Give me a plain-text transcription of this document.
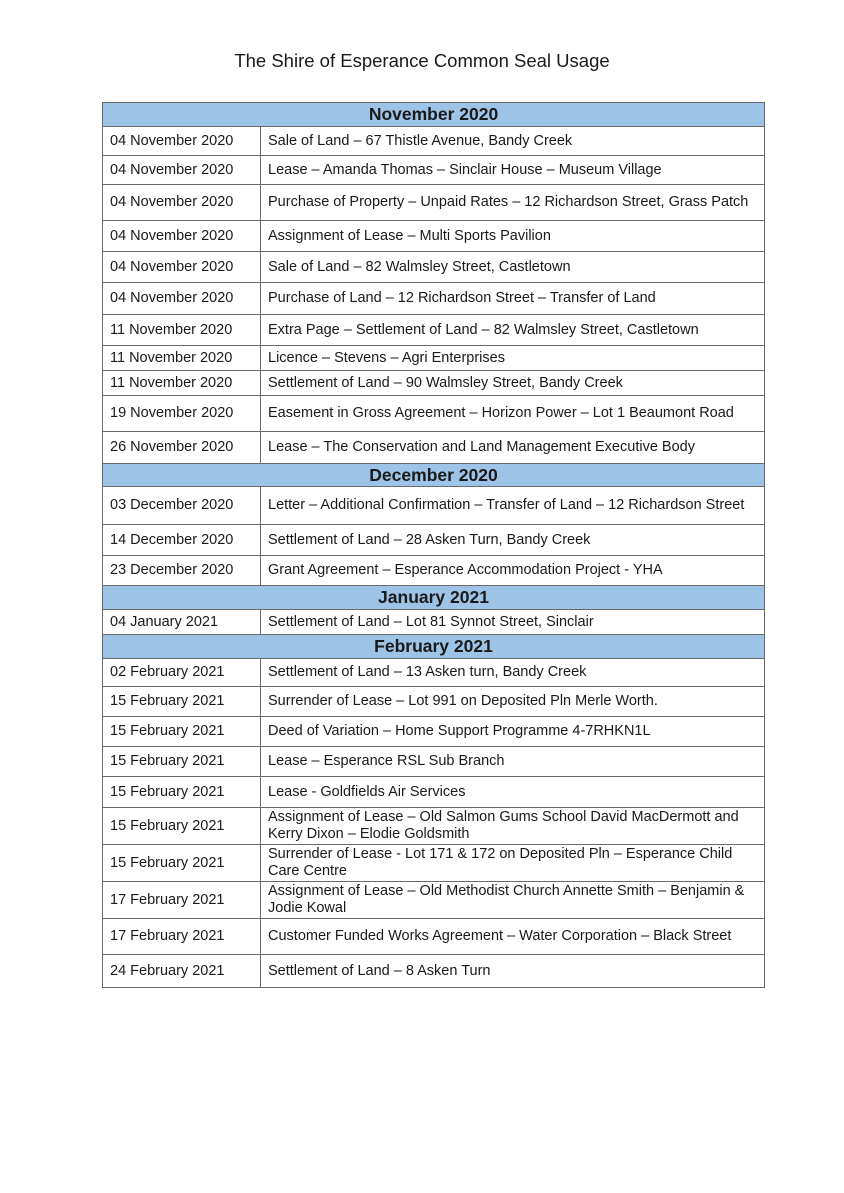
The Shire of Esperance Common Seal Usage
November 2020	
04 November 2020	Sale of Land – 67 Thistle Avenue, Bandy Creek
04 November 2020	Lease – Amanda Thomas – Sinclair House – Museum Village
04 November 2020	Purchase of Property – Unpaid Rates – 12 Richardson Street, Grass Patch
04 November 2020	Assignment of Lease – Multi Sports Pavilion
04 November 2020	Sale of Land – 82 Walmsley Street, Castletown
04 November 2020	Purchase of Land – 12 Richardson Street – Transfer of Land
11 November 2020	Extra Page – Settlement of Land – 82 Walmsley Street, Castletown
11 November 2020	Licence – Stevens – Agri Enterprises
11 November 2020	Settlement of Land – 90 Walmsley Street, Bandy Creek
19 November 2020	Easement in Gross Agreement – Horizon Power – Lot 1 Beaumont Road
26 November 2020	Lease – The Conservation and Land Management Executive Body
December 2020	
03 December 2020	Letter – Additional Confirmation – Transfer of Land – 12 Richardson Street
14 December 2020	Settlement of Land – 28 Asken Turn, Bandy Creek
23 December 2020	Grant Agreement – Esperance Accommodation Project - YHA
January 2021	
04 January 2021	Settlement of Land – Lot 81 Synnot Street, Sinclair
February 2021	
02 February 2021	Settlement of Land – 13 Asken turn, Bandy Creek
15 February 2021	Surrender of Lease – Lot 991 on Deposited Pln Merle Worth.
15 February 2021	Deed of Variation – Home Support Programme 4-7RHKN1L
15 February 2021	Lease – Esperance RSL Sub Branch
15 February 2021	Lease - Goldfields Air Services
15 February 2021	Assignment of Lease – Old Salmon Gums School David MacDermott and Kerry Dixon – Elodie Goldsmith
15 February 2021	Surrender of Lease - Lot 171 & 172 on Deposited Pln – Esperance Child Care Centre
17 February 2021	Assignment of Lease – Old Methodist Church Annette Smith – Benjamin & Jodie Kowal
17 February 2021	Customer Funded Works Agreement – Water Corporation – Black Street
24 February 2021	Settlement of Land – 8 Asken Turn
